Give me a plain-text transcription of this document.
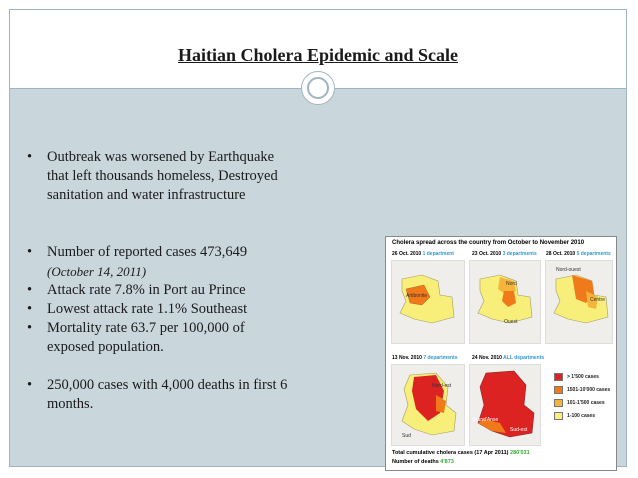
Haitian Cholera Epidemic and Scale
• Outbreak was worsened by Earthquake
that left thousands homeless, Destroyed
sanitation and water infrastructure
• Number of reported cases 473,649
(October 14, 2011)
• Attack rate 7.8% in Port au Prince
• Lowest attack rate 1.1% Southeast
• Mortality rate 63.7 per 100,000 of
exposed population.
• 250,000 cases with 4,000 deaths in first 6
months.
Cholera spread across the country from October to November 2010
26 Oct. 2010 1 department	23 Oct. 2010 3 departments 28 Oct. 2010 5 departments
Artibonite
Nord
Ouest
Nord-ouest
Centre
13 Nov. 2010 7 departments	24 Nov. 2010 ALL departments
Nord-est
Sud
Grand'Anse
Sud-est
> 1'500 cases
1501-10'000 cases
101-1'500 cases
1-100 cases
Total cumulative cholera cases (17 Apr 2011) 280'031
Number of deaths 4'873
